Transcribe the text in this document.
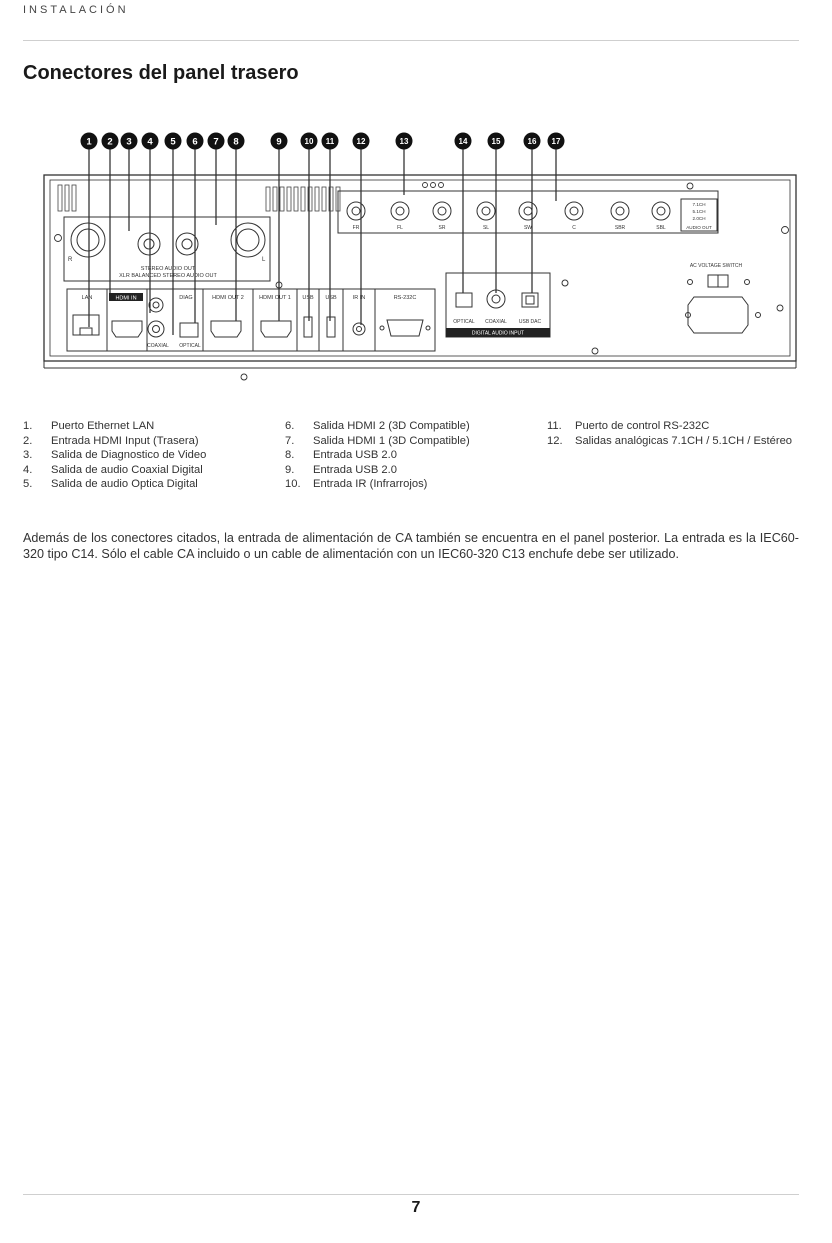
INSTALACIÓN
Conectores del panel trasero
R	L
STEREO AUDIO OUT
XLR BALANCED STEREO AUDIO OUT
LAN	HDMI IN	DIAG	HDMI OUT 2	HDMI OUT 1 USB USB	IR IN	RS-232C
COAXIAL OPTICAL
FR	FL	SR	SL	SW	C	SBR	SBL
7.1CH
5.1CH
2.0CH
AUDIO OUT
OPTICAL COAXIAL USB DAC
DIGITAL AUDIO INPUT
AC VOLTAGE SWITCH
1 2 3 4 5 6 7 8	9	10 11	12	13	14	15	16 17
1. Puerto Ethernet LAN
2. Entrada HDMI Input (Trasera)
3. Salida de Diagnostico de Video
4. Salida de audio Coaxial Digital
5. Salida de audio Optica Digital
6. Salida HDMI 2 (3D Compatible)
7. Salida HDMI 1 (3D Compatible)
8. Entrada USB 2.0
9. Entrada USB 2.0
10. Entrada IR (Infrarrojos)
11. Puerto de control RS-232C
12. Salidas analógicas 7.1CH / 5.1CH / Estéreo
Además de los conectores citados, la entrada de alimentación de CA también se encuentra en el panel posterior. La entrada es la IEC60-320 tipo C14. Sólo el cable CA incluido o un cable de alimentación con un IEC60-320 C13 enchufe debe ser utilizado.
7
